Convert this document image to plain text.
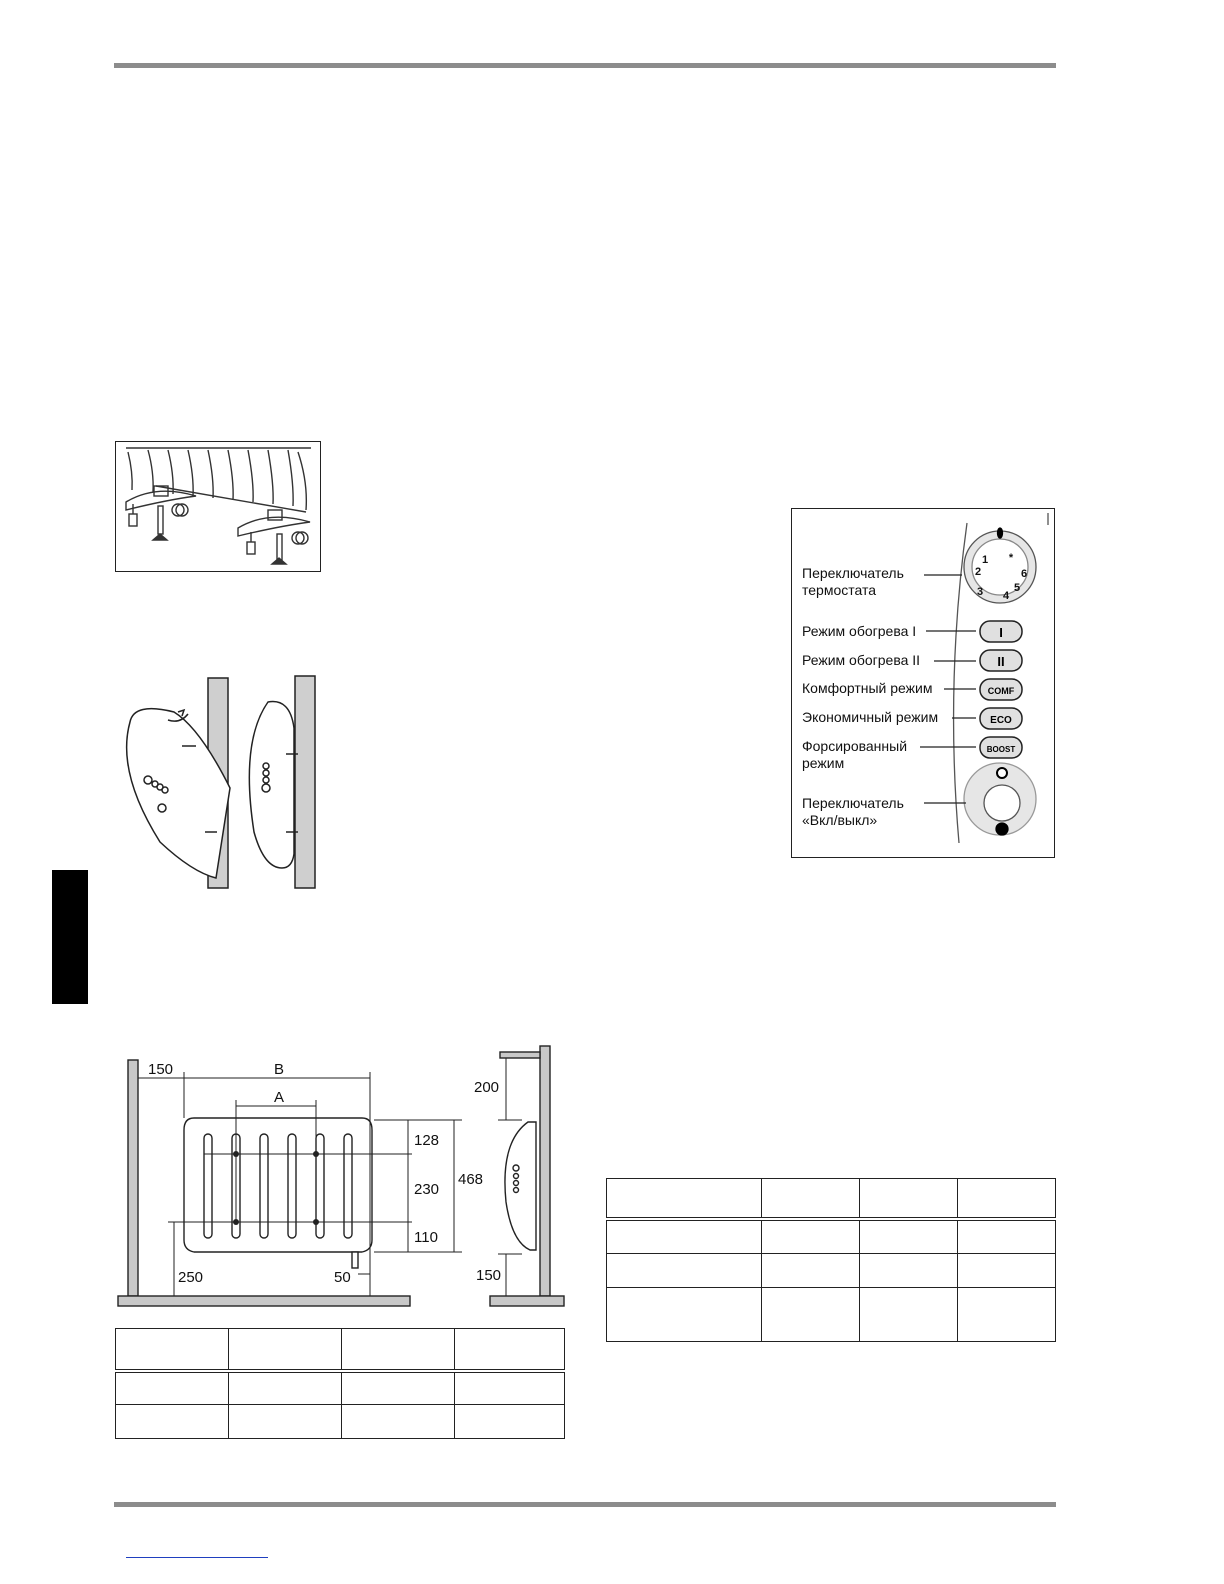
*
1
2
3 4
5
6
I
II
COMF
ECO
BOOST
Переключатель
термостата
Режим обогрева I
Режим обогрева II
Комфортный режим
Экономичный режим
Форсированный
режим
Переключатель
«Вкл/выкл»
150	B
A
128
230
110
468
250	50
200
150
